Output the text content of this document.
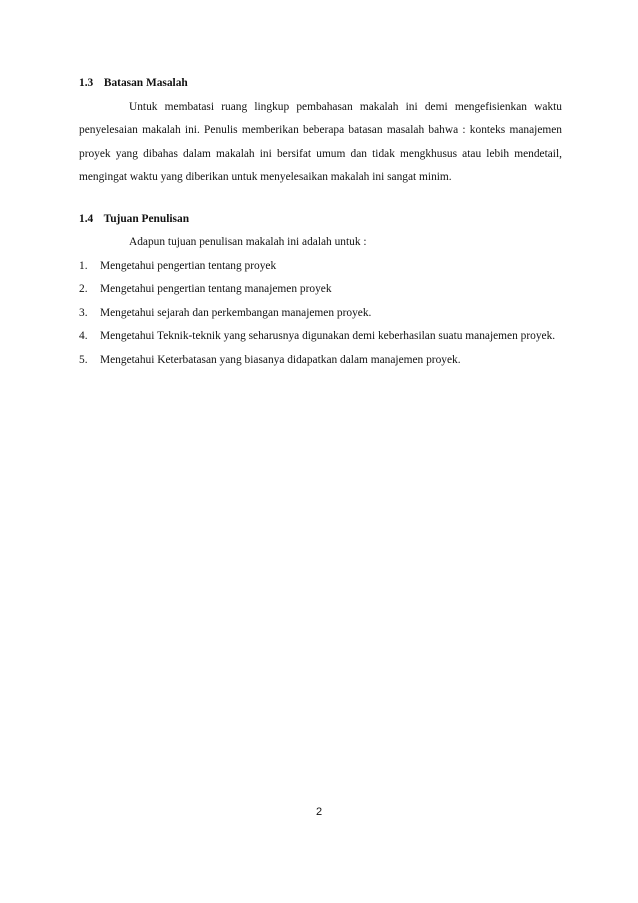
1.3 Batasan Masalah

Untuk membatasi ruang lingkup pembahasan makalah ini demi mengefisienkan waktu penyelesaian makalah ini. Penulis memberikan beberapa batasan masalah bahwa : konteks manajemen proyek yang dibahas dalam makalah ini bersifat umum dan tidak mengkhusus atau lebih mendetail, mengingat waktu yang diberikan untuk menyelesaikan makalah ini sangat minim.

1.4 Tujuan Penulisan

Adapun tujuan penulisan makalah ini adalah untuk :

1. Mengetahui pengertian tentang proyek
2. Mengetahui pengertian tentang manajemen proyek
3. Mengetahui sejarah dan perkembangan manajemen proyek.
4. Mengetahui Teknik-teknik yang seharusnya digunakan demi keberhasilan suatu manajemen proyek.
5. Mengetahui Keterbatasan yang biasanya didapatkan dalam manajemen proyek.
2
